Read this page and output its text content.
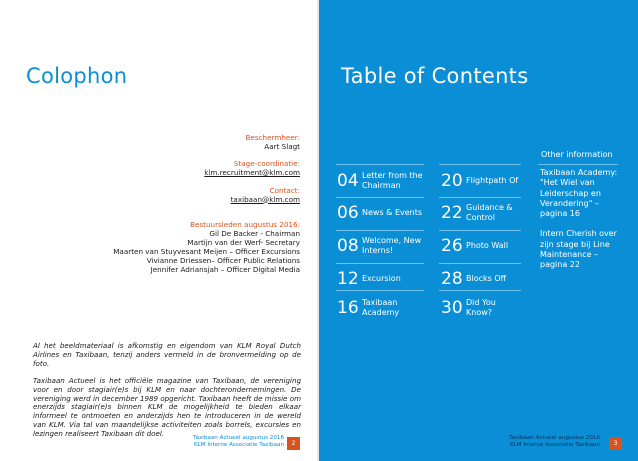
Colophon
Beschermheer:
Aart Slagt
Stage-coordinatie:
klm.recruitment@klm.com
Contact:
taxibaan@klm.com
Bestuursleden augustus 2016:
Gil De Backer - Chairman
Martijn van der Werf- Secretary
Maarten van Stuyvesant Meijen – Officer Excursions
Vivianne Driessen– Officer Public Relations
Jennifer Adriansjah – Officer Digital Media

Al het beeldmateriaal is afkomstig en eigendom van KLM Royal Dutch Airlines en Taxibaan, tenzij anders vermeld in de bronvermelding op de foto.

Taxibaan Actueel is het officiële magazine van Taxibaan, de vereniging voor en door stagiair(e)s bij KLM en naar dochterondernemingen. De vereniging werd in december 1989 opgericht. Taxibaan heeft de missie om enerzijds stagiair(e)s binnen KLM de mogelijkheid te bieden elkaar informeel te ontmoeten en anderzijds hen te introduceren in de wereld van KLM. Via tal van maandelijkse activiteiten zoals borrels, excursies en lezingen realiseert Taxibaan dit doel.	Taxibaan Actueel augustus 2016
KLM Interne Associatie Taxibaan	2
Table of Contents
04 Letter from the Chairman
06 News & Events
08 Welcome, New Interns!
12 Excursion
16 Taxibaan Academy
20 Flightpath Of
22 Guidance & Control
26 Photo Wall
28 Blocks Off
30 Did You Know?
Other information
Taxibaan Academy: "Het Wiel van Leiderschap en Verandering" – pagina 16
Intern Cherish over zijn stage bij Line Maintenance – pagina 22
Taxibaan Actueel augustus 2016
KLM Interne Associatie Taxibaan	3
